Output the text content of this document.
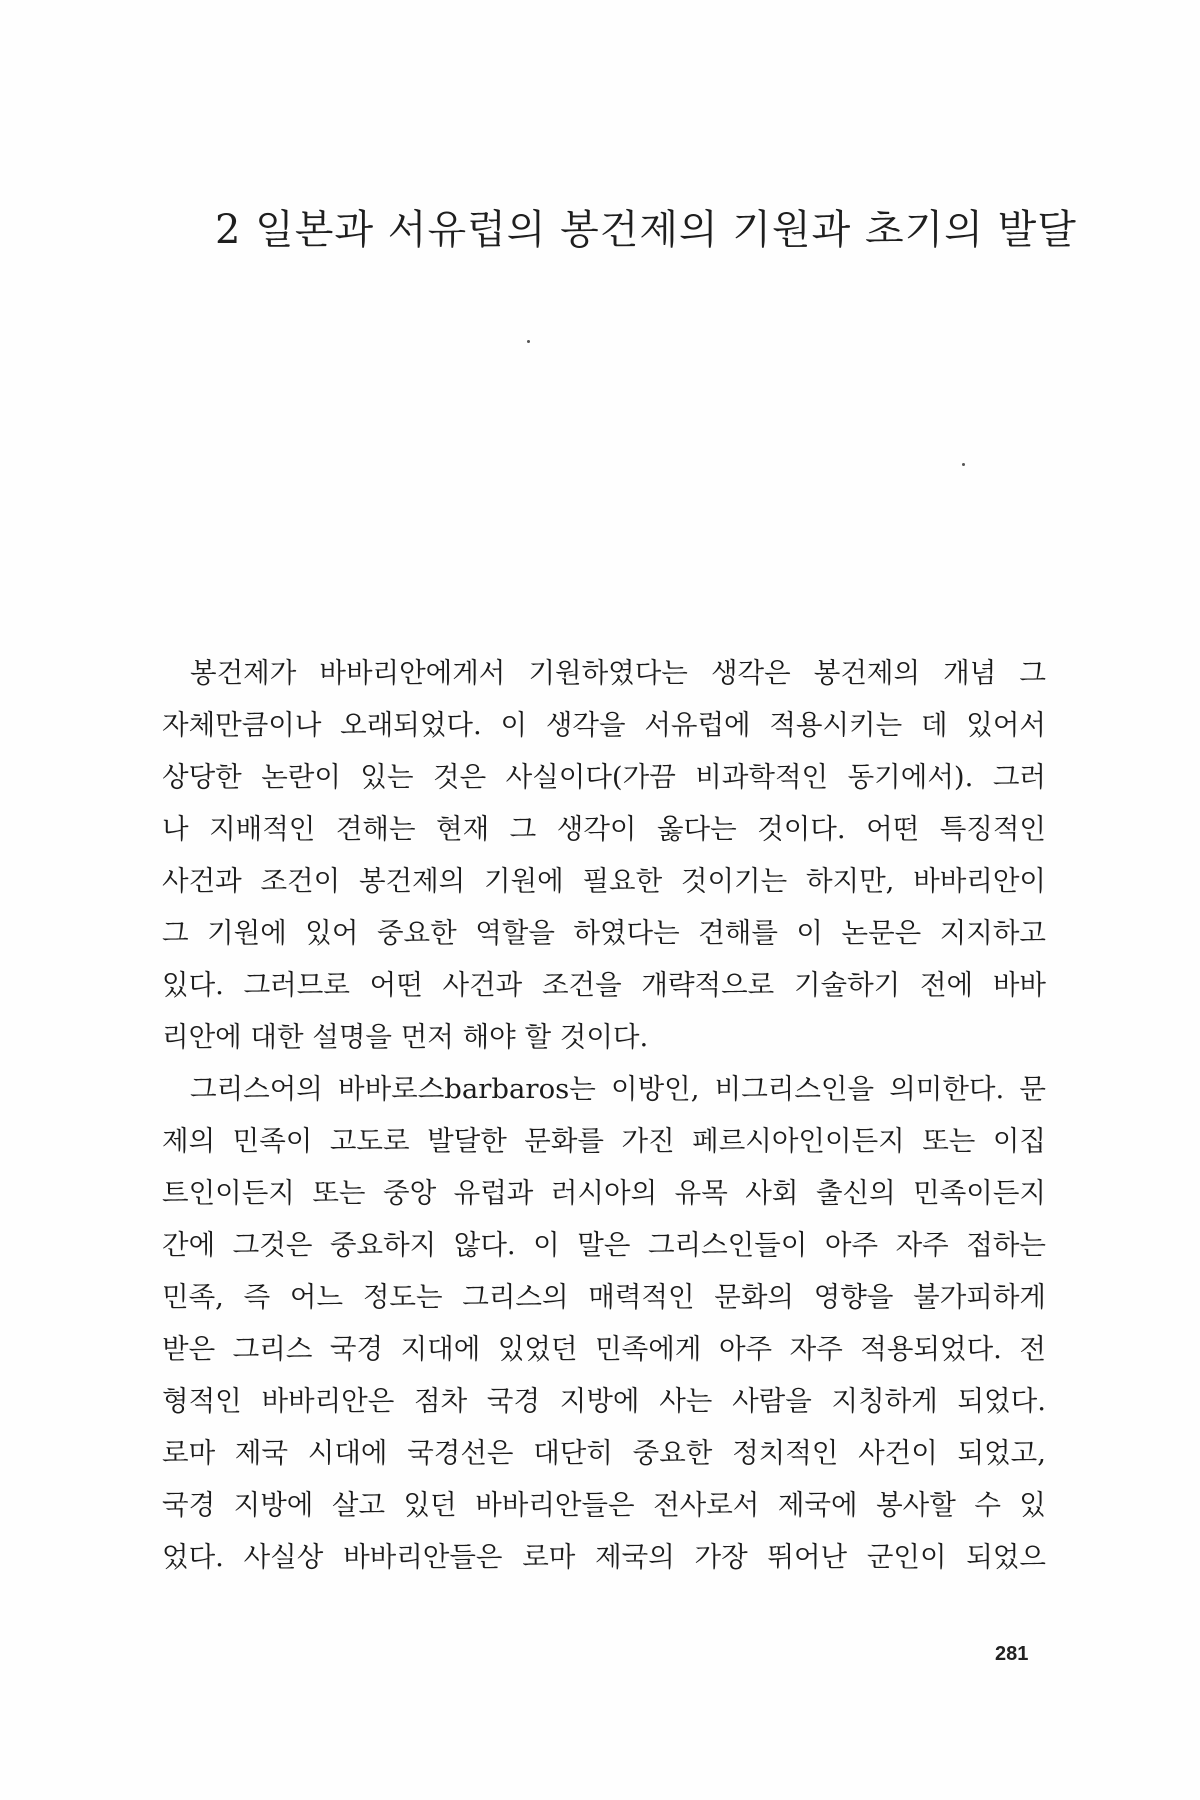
2 일본과 서유럽의 봉건제의 기원과 초기의 발달
봉건제가 바바리안에게서 기원하였다는 생각은 봉건제의 개념 그
자체만큼이나 오래되었다. 이 생각을 서유럽에 적용시키는 데 있어서
상당한 논란이 있는 것은 사실이다(가끔 비과학적인 동기에서). 그러
나 지배적인 견해는 현재 그 생각이 옳다는 것이다. 어떤 특징적인
사건과 조건이 봉건제의 기원에 필요한 것이기는 하지만, 바바리안이
그 기원에 있어 중요한 역할을 하였다는 견해를 이 논문은 지지하고
있다. 그러므로 어떤 사건과 조건을 개략적으로 기술하기 전에 바바
리안에 대한 설명을 먼저 해야 할 것이다.
그리스어의 바바로스barbaros는 이방인, 비그리스인을 의미한다. 문
제의 민족이 고도로 발달한 문화를 가진 페르시아인이든지 또는 이집
트인이든지 또는 중앙 유럽과 러시아의 유목 사회 출신의 민족이든지
간에 그것은 중요하지 않다. 이 말은 그리스인들이 아주 자주 접하는
민족, 즉 어느 정도는 그리스의 매력적인 문화의 영향을 불가피하게
받은 그리스 국경 지대에 있었던 민족에게 아주 자주 적용되었다. 전
형적인 바바리안은 점차 국경 지방에 사는 사람을 지칭하게 되었다.
로마 제국 시대에 국경선은 대단히 중요한 정치적인 사건이 되었고,
국경 지방에 살고 있던 바바리안들은 전사로서 제국에 봉사할 수 있
었다. 사실상 바바리안들은 로마 제국의 가장 뛰어난 군인이 되었으
281
